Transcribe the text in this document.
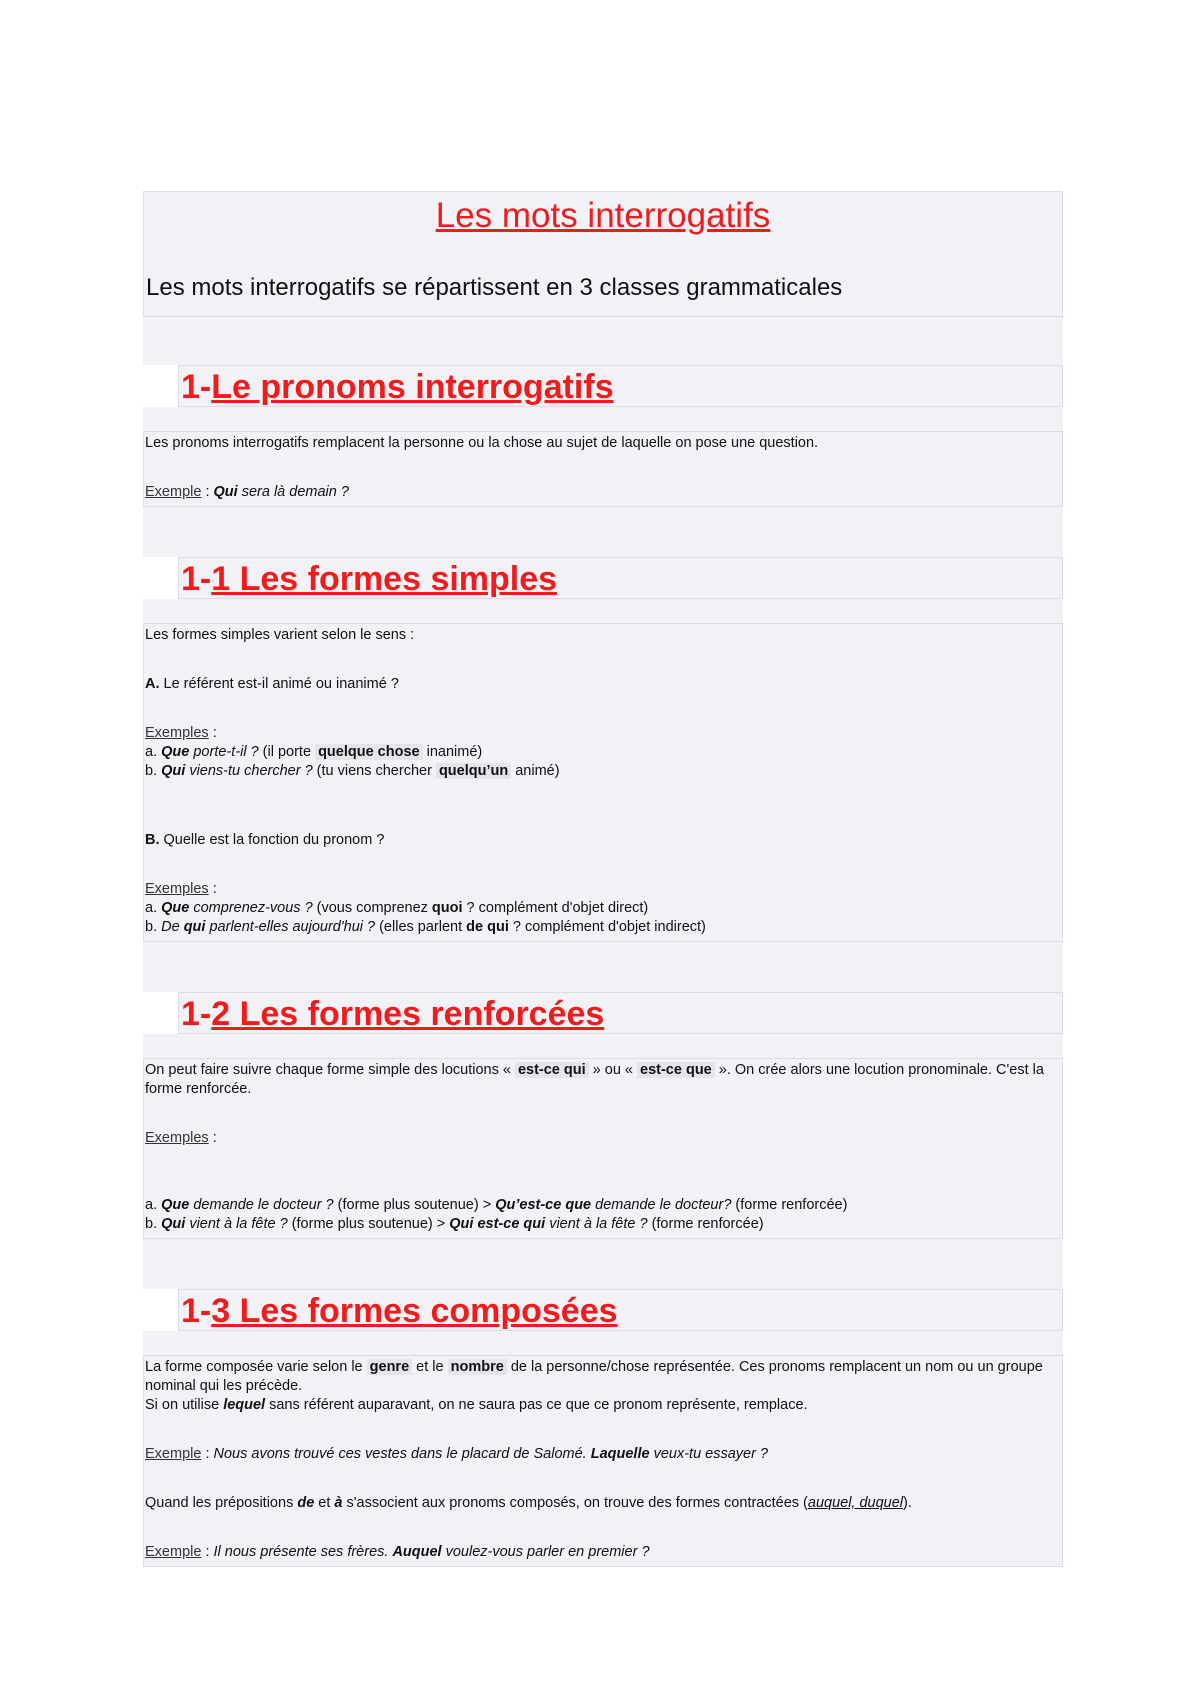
Les mots interrogatifs
Les mots interrogatifs se répartissent en 3 classes grammaticales
1-Le pronoms interrogatifs

Les pronoms interrogatifs remplacent la personne ou la chose au sujet de laquelle on pose une question.

Exemple : Qui sera là demain ?

1-1 Les formes simples

Les formes simples varient selon le sens :

A. Le référent est-il animé ou inanimé ?

Exemples :

a. Que porte-t-il ? (il porte quelque chose inanimé)

b. Qui viens-tu chercher ? (tu viens chercher quelqu’un animé)

B. Quelle est la fonction du pronom ?

Exemples :

a. Que comprenez-vous ? (vous comprenez quoi ? complément d'objet direct)

b. De qui parlent-elles aujourd'hui ? (elles parlent de qui ? complément d'objet indirect)

1-2 Les formes renforcées

On peut faire suivre chaque forme simple des locutions « est-ce qui » ou « est-ce que ». On crée alors une locution pronominale. C'est la forme renforcée.

Exemples :

a. Que demande le docteur ? (forme plus soutenue) > Qu’est-ce que demande le docteur? (forme renforcée)

b. Qui vient à la fête ? (forme plus soutenue) > Qui est-ce qui vient à la fête ? (forme renforcée)

1-3 Les formes composées

La forme composée varie selon le genre et le nombre de la personne/chose représentée. Ces pronoms remplacent un nom ou un groupe nominal qui les précède.

Si on utilise lequel sans référent auparavant, on ne saura pas ce que ce pronom représente, remplace.

Exemple : Nous avons trouvé ces vestes dans le placard de Salomé. Laquelle veux-tu essayer ?

Quand les prépositions de et à s'associent aux pronoms composés, on trouve des formes contractées (auquel, duquel).

Exemple : Il nous présente ses frères. Auquel voulez-vous parler en premier ?
